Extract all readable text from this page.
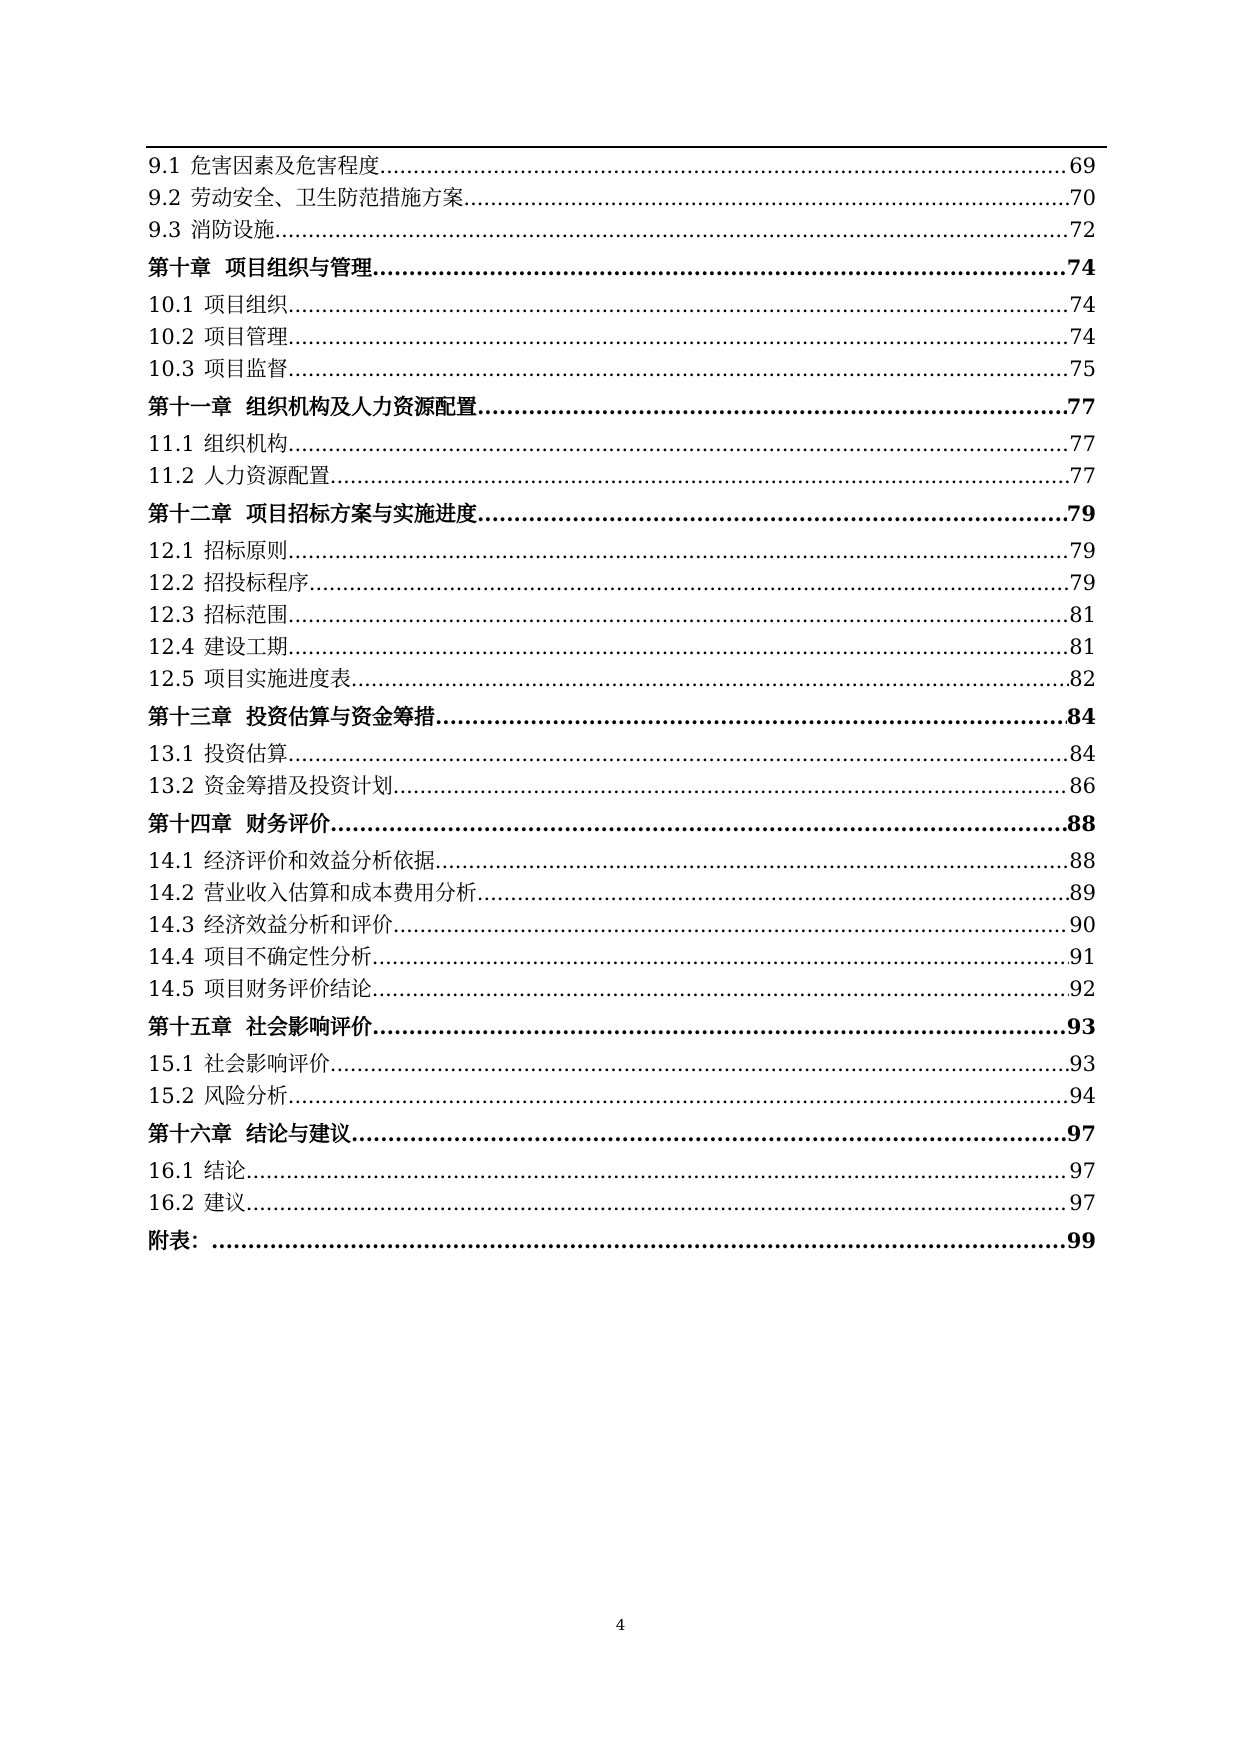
9.1 危害因素及危害程度 .....	69
9.2 劳动安全、卫生防范措施方案 .....	70
9.3 消防设施 .....	72
第十章 项目组织与管理 .....	74
10.1 项目组织 .....	74
10.2 项目管理 .....	74
10.3 项目监督 .....	75
第十一章 组织机构及人力资源配置 .....	77
11.1 组织机构 .....	77
11.2 人力资源配置 .....	77
第十二章 项目招标方案与实施进度 .....	79
12.1 招标原则 .....	79
12.2 招投标程序 .....	79
12.3 招标范围 .....	81
12.4 建设工期 .....	81
12.5 项目实施进度表 .....	82
第十三章 投资估算与资金筹措 .....	84
13.1 投资估算 .....	84
13.2 资金筹措及投资计划 .....	86
第十四章 财务评价 .....	88
14.1 经济评价和效益分析依据 .....	88
14.2 营业收入估算和成本费用分析 .....	89
14.3 经济效益分析和评价 .....	90
14.4 项目不确定性分析 .....	91
14.5 项目财务评价结论 .....	92
第十五章 社会影响评价 .....	93
15.1 社会影响评价 .....	93
15.2 风险分析 .....	94
第十六章 结论与建议 .....	97
16.1 结论 .....	97
16.2 建议 .....	97
附表： .....	99
4
